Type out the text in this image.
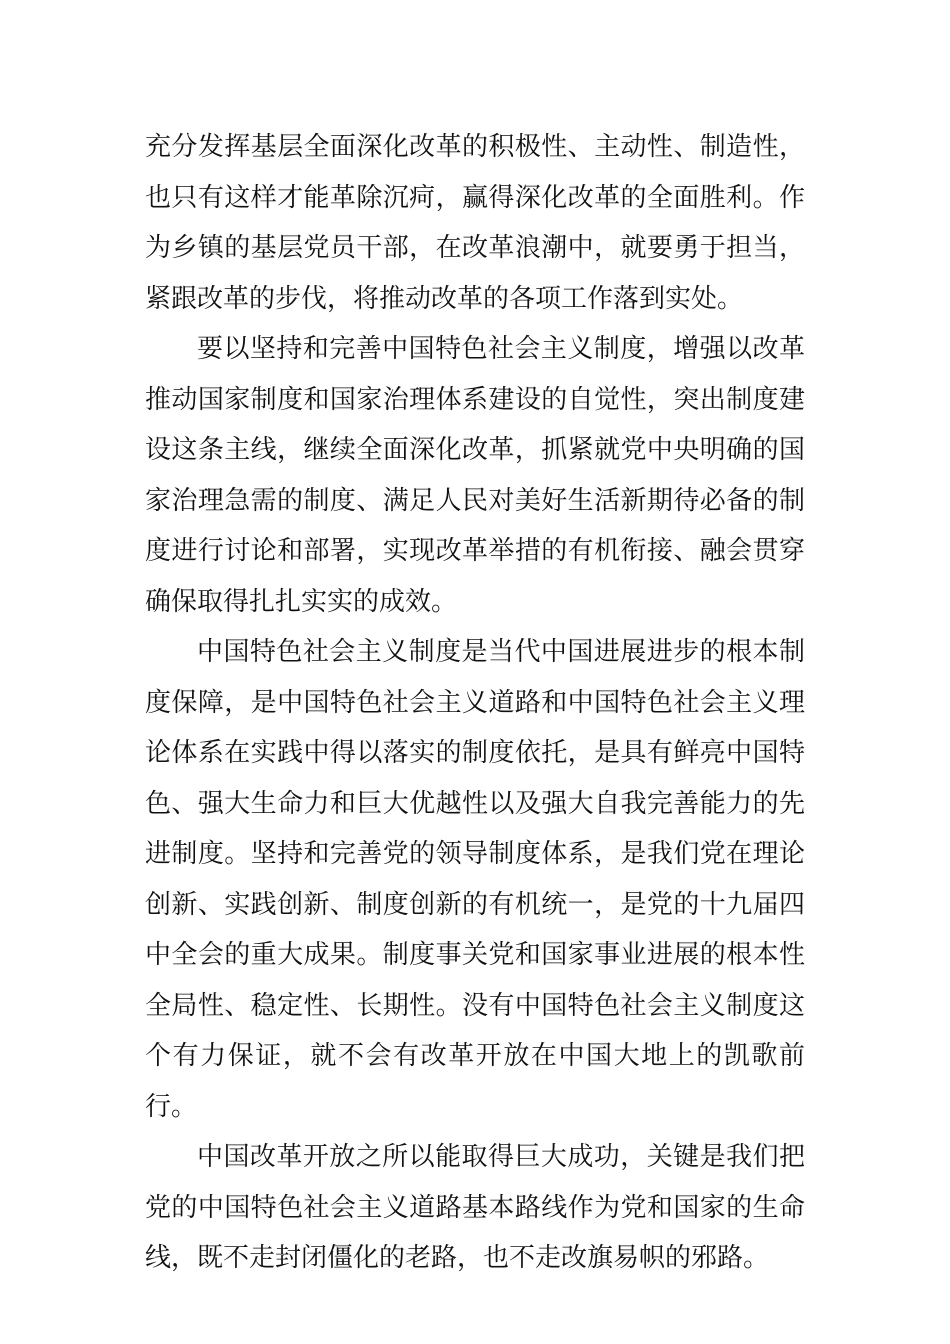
充分发挥基层全面深化改革的积极性、主动性、制造性，也只有这样才能革除沉疴，赢得深化改革的全面胜利。作为乡镇的基层党员干部，在改革浪潮中，就要勇于担当，紧跟改革的步伐，将推动改革的各项工作落到实处。

要以坚持和完善中国特色社会主义制度，增强以改革推动国家制度和国家治理体系建设的自觉性，突出制度建设这条主线，继续全面深化改革，抓紧就党中央明确的国家治理急需的制度、满足人民对美好生活新期待必备的制度进行讨论和部署，实现改革举措的有机衔接、融会贯穿确保取得扎扎实实的成效。

中国特色社会主义制度是当代中国进展进步的根本制度保障，是中国特色社会主义道路和中国特色社会主义理论体系在实践中得以落实的制度依托，是具有鲜亮中国特色、强大生命力和巨大优越性以及强大自我完善能力的先进制度。坚持和完善党的领导制度体系，是我们党在理论创新、实践创新、制度创新的有机统一，是党的十九届四中全会的重大成果。制度事关党和国家事业进展的根本性全局性、稳定性、长期性。没有中国特色社会主义制度这个有力保证，就不会有改革开放在中国大地上的凯歌前行。

中国改革开放之所以能取得巨大成功，关键是我们把党的中国特色社会主义道路基本路线作为党和国家的生命线，既不走封闭僵化的老路，也不走改旗易帜的邪路。
